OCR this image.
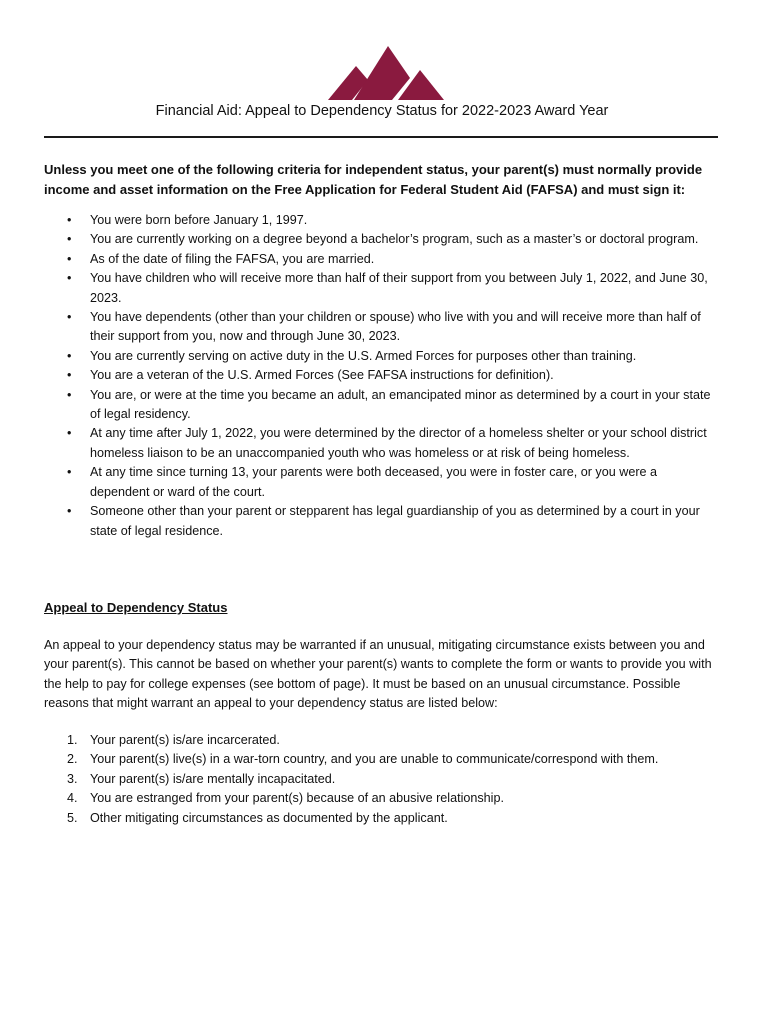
Financial Aid: Appeal to Dependency Status for 2022-2023 Award Year

Unless you meet one of the following criteria for independent status, your parent(s) must normally provide income and asset information on the Free Application for Federal Student Aid (FAFSA) and must sign it:

•	You were born before January 1, 1997.
•	You are currently working on a degree beyond a bachelor’s program, such as a master’s or doctoral program.
•	As of the date of filing the FAFSA, you are married.
•	You have children who will receive more than half of their support from you between July 1, 2022, and June 30, 2023.
•	You have dependents (other than your children or spouse) who live with you and will receive more than half of their support from you, now and through June 30, 2023.
•	You are currently serving on active duty in the U.S. Armed Forces for purposes other than training.
•	You are a veteran of the U.S. Armed Forces (See FAFSA instructions for definition).
•	You are, or were at the time you became an adult, an emancipated minor as determined by a court in your state of legal residency.
•	At any time after July 1, 2022, you were determined by the director of a homeless shelter or your school district homeless liaison to be an unaccompanied youth who was homeless or at risk of being homeless.
•	At any time since turning 13, your parents were both deceased, you were in foster care, or you were a dependent or ward of the court.
•	Someone other than your parent or stepparent has legal guardianship of you as determined by a court in your state of legal residence.
Appeal to Dependency Status

An appeal to your dependency status may be warranted if an unusual, mitigating circumstance exists between you and your parent(s). This cannot be based on whether your parent(s) wants to complete the form or wants to provide you with the help to pay for college expenses (see bottom of page). It must be based on an unusual circumstance. Possible reasons that might warrant an appeal to your dependency status are listed below:

1. Your parent(s) is/are incarcerated.
2. Your parent(s) live(s) in a war-torn country, and you are unable to communicate/correspond with them.
3. Your parent(s) is/are mentally incapacitated.
4. You are estranged from your parent(s) because of an abusive relationship.
5. Other mitigating circumstances as documented by the applicant.
